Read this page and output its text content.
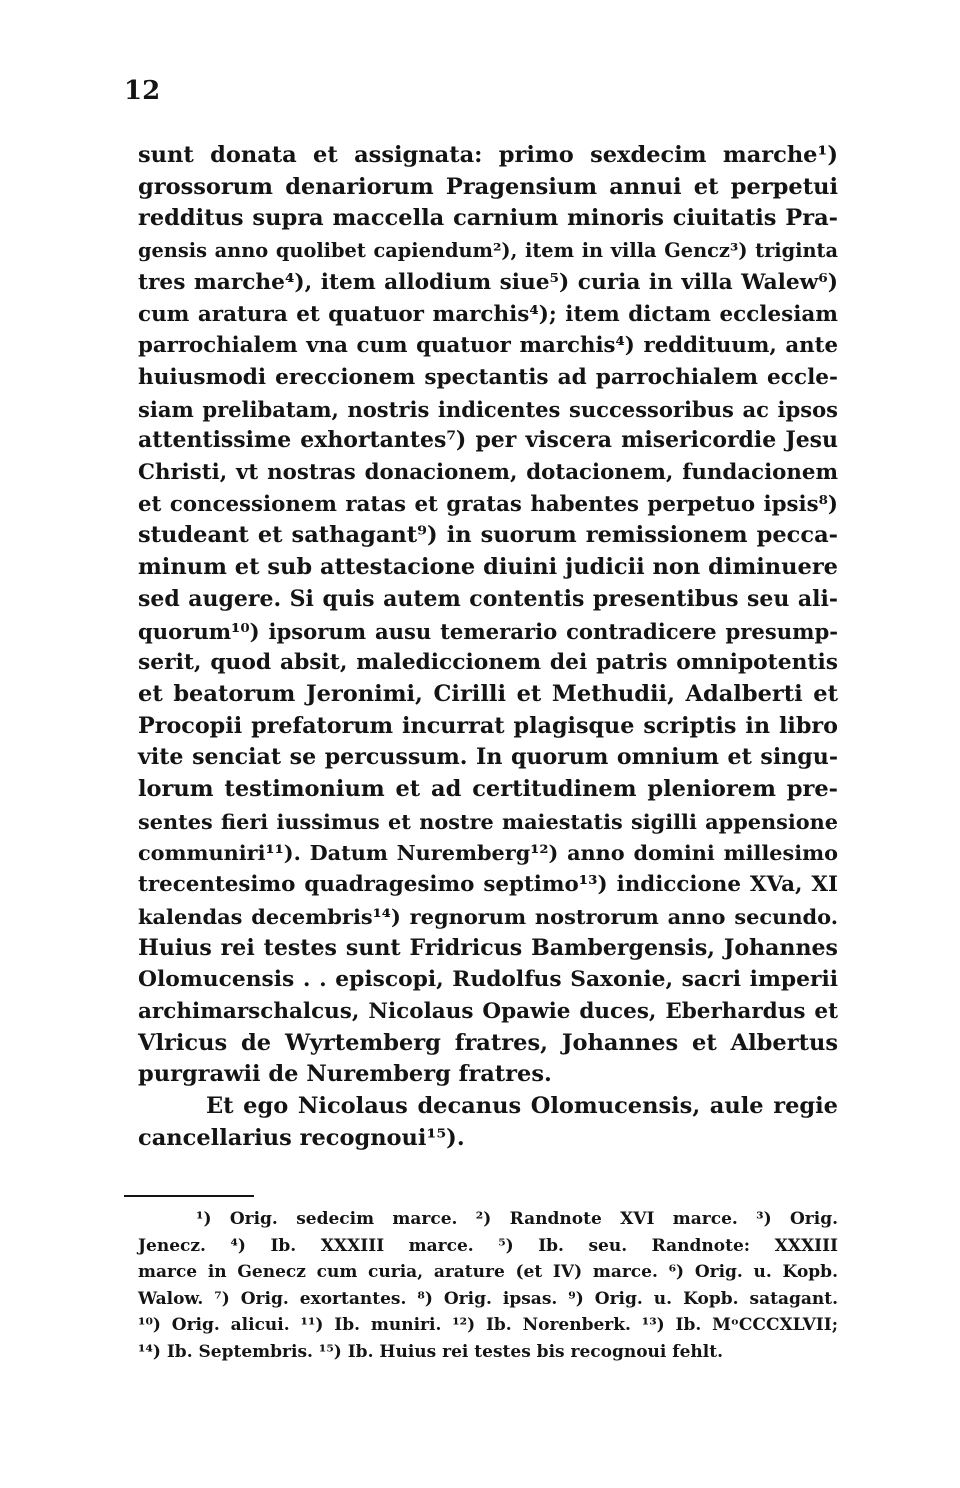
12
sunt donata et assignata: primo sexdecim marche¹)
grossorum denariorum Pragensium annui et perpetui
redditus supra maccella carnium minoris ciuitatis Pra-
gensis anno quolibet capiendum²), item in villa Gencz³) triginta
tres marche⁴), item allodium siue⁵) curia in villa Walew⁶)
cum aratura et quatuor marchis⁴); item dictam ecclesiam
parrochialem vna cum quatuor marchis⁴) reddituum, ante
huiusmodi ereccionem spectantis ad parrochialem eccle-
siam prelibatam, nostris indicentes successoribus ac ipsos
attentissime exhortantes⁷) per viscera misericordie Jesu
Christi, vt nostras donacionem, dotacionem, fundacionem
et concessionem ratas et gratas habentes perpetuo ipsis⁸)
studeant et sathagant⁹) in suorum remissionem pecca-
minum et sub attestacione diuini judicii non diminuere
sed augere. Si quis autem contentis presentibus seu ali-
quorum¹⁰) ipsorum ausu temerario contradicere presump-
serit, quod absit, malediccionem dei patris omnipotentis
et beatorum Jeronimi, Cirilli et Methudii, Adalberti et
Procopii prefatorum incurrat plagisque scriptis in libro
vite senciat se percussum. In quorum omnium et singu-
lorum testimonium et ad certitudinem pleniorem pre-
sentes fieri iussimus et nostre maiestatis sigilli appensione
communiri¹¹). Datum Nuremberg¹²) anno domini millesimo
trecentesimo quadragesimo septimo¹³) indiccione XVa, XI
kalendas decembris¹⁴) regnorum nostrorum anno secundo.
Huius rei testes sunt Fridricus Bambergensis, Johannes
Olomucensis . . episcopi, Rudolfus Saxonie, sacri imperii
archimarschalcus, Nicolaus Opawie duces, Eberhardus et
Vlricus de Wyrtemberg fratres, Johannes et Albertus
purgrawii de Nuremberg fratres.
Et ego Nicolaus decanus Olomucensis, aule regie
cancellarius recognoui¹⁵).
¹) Orig. sedecim marce. ²) Randnote XVI marce. ³) Orig.
Jenecz. ⁴) Ib. XXXIII marce. ⁵) Ib. seu. Randnote: XXXIII
marce in Genecz cum curia, arature (et IV) marce. ⁶) Orig. u. Kopb.
Walow. ⁷) Orig. exortantes. ⁸) Orig. ipsas. ⁹) Orig. u. Kopb. satagant.
¹⁰) Orig. alicui. ¹¹) Ib. muniri. ¹²) Ib. Norenberk. ¹³) Ib. MᵒCCCXLVII;
¹⁴) Ib. Septembris. ¹⁵) Ib. Huius rei testes bis recognoui fehlt.
